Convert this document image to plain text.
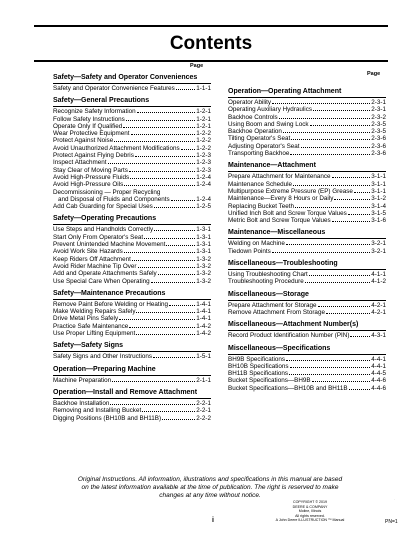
Contents
Page
Page
Safety—Safety and Operator Conveniences
Safety and Operator Convenience Features	1-1-1
Safety—General Precautions
Recognize Safety Information	1-2-1
Follow Safety Instructions	1-2-1
Operate Only If Qualified	1-2-1
Wear Protective Equipment	1-2-2
Protect Against Noise	1-2-2
Avoid Unauthorized Attachment Modifications	1-2-2
Protect Against Flying Debris	1-2-3
Inspect Attachment	1-2-3
Stay Clear of Moving Parts	1-2-3
Avoid High-Pressure Fluids	1-2-4
Avoid High-Pressure Oils	1-2-4
Decommissioning — Proper Recycling
and Disposal of Fluids and Components	1-2-4
Add Cab Guarding for Special Uses	1-2-5
Safety—Operating Precautions
Use Steps and Handholds Correctly	1-3-1
Start Only From Operator's Seat	1-3-1
Prevent Unintended Machine Movement	1-3-1
Avoid Work Site Hazards	1-3-1
Keep Riders Off Attachment	1-3-2
Avoid Rider Machine Tip Over	1-3-2
Add and Operate Attachments Safely	1-3-2
Use Special Care When Operating	1-3-2
Safety—Maintenance Precautions
Remove Paint Before Welding or Heating	1-4-1
Make Welding Repairs Safely	1-4-1
Drive Metal Pins Safely	1-4-1
Practice Safe Maintenance	1-4-2
Use Proper Lifting Equipment	1-4-2
Safety—Safety Signs
Safety Signs and Other Instructions	1-5-1
Operation—Preparing Machine
Machine Preparation	2-1-1
Operation—Install and Remove Attachment
Backhoe Installation	2-2-1
Removing and Installing Bucket	2-2-1
Digging Positions (BH10B and BH11B)	2-2-2
Operation—Operating Attachment
Operator Ability	2-3-1
Operating Auxiliary Hydraulics	2-3-1
Backhoe Controls	2-3-2
Using Boom and Swing Lock	2-3-5
Backhoe Operation	2-3-5
Tilting Operator's Seat	2-3-6
Adjusting Operator's Seat	2-3-6
Transporting Backhoe	2-3-6
Maintenance—Attachment
Prepare Attachment for Maintenance	3-1-1
Maintenance Schedule	3-1-1
Multipurpose Extreme Pressure (EP) Grease	3-1-1
Maintenance—Every 8 Hours or Daily	3-1-2
Replacing Bucket Teeth	3-1-4
Unified Inch Bolt and Screw Torque Values	3-1-5
Metric Bolt and Screw Torque Values	3-1-6
Maintenance—Miscellaneous
Welding on Machine	3-2-1
Tiedown Points	3-2-1
Miscellaneous—Troubleshooting
Using Troubleshooting Chart	4-1-1
Troubleshooting Procedure	4-1-2
Miscellaneous—Storage
Prepare Attachment for Storage	4-2-1
Remove Attachment From Storage	4-2-1
Miscellaneous—Attachment Number(s)
Record Product Identification Number (PIN)	4-3-1
Miscellaneous—Specifications
BH9B Specifications	4-4-1
BH10B Specifications	4-4-1
BH11B Specifications	4-4-5
Bucket Specifications—BH9B	4-4-6
Bucket Specifications—BH10B and BH11B	4-4-6
Original Instructions. All information, illustrations and specifications in this manual are based on the latest information available at the time of publication. The right is reserved to make changes at any time without notice.	·
COPYRIGHT © 2019
DEERE & COMPANY
Moline, Illinois
All rights reserved.
A John Deere ILLUSTRUCTION ™ Manual
i	PN=1
